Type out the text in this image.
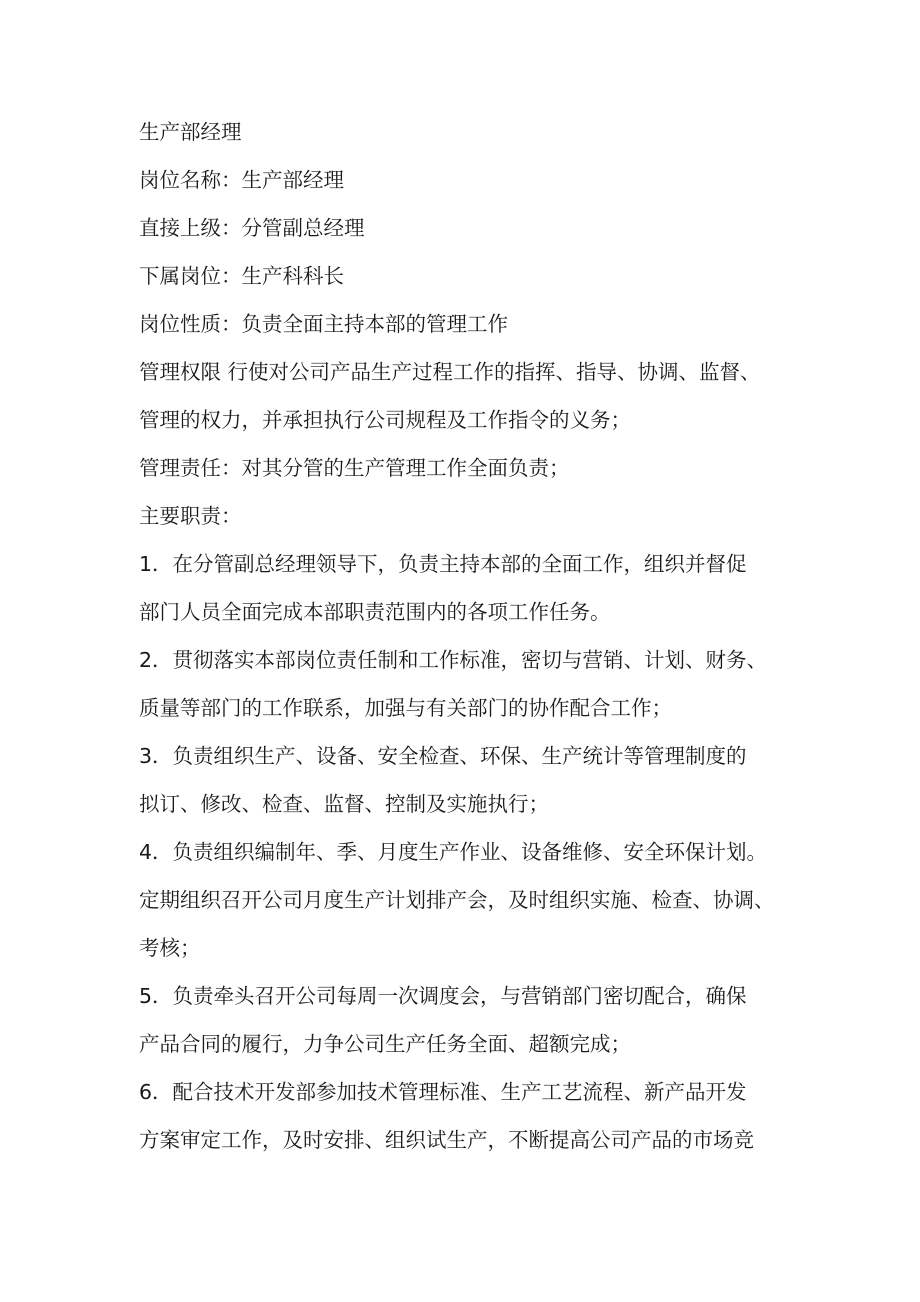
生产部经理
岗位名称：生产部经理
直接上级：分管副总经理
下属岗位：生产科科长
岗位性质：负责全面主持本部的管理工作
管理权限 行使对公司产品生产过程工作的指挥、指导、协调、监督、
管理的权力，并承担执行公司规程及工作指令的义务；
管理责任：对其分管的生产管理工作全面负责；
主要职责：
1．在分管副总经理领导下，负责主持本部的全面工作，组织并督促
部门人员全面完成本部职责范围内的各项工作任务。
2．贯彻落实本部岗位责任制和工作标准，密切与营销、计划、财务、
质量等部门的工作联系，加强与有关部门的协作配合工作；
3．负责组织生产、设备、安全检查、环保、生产统计等管理制度的
拟订、修改、检查、监督、控制及实施执行；
4．负责组织编制年、季、月度生产作业、设备维修、安全环保计划。
定期组织召开公司月度生产计划排产会，及时组织实施、检查、协调、
考核；
5．负责牵头召开公司每周一次调度会，与营销部门密切配合，确保
产品合同的履行，力争公司生产任务全面、超额完成；
6．配合技术开发部参加技术管理标准、生产工艺流程、新产品开发
方案审定工作，及时安排、组织试生产，不断提高公司产品的市场竞
